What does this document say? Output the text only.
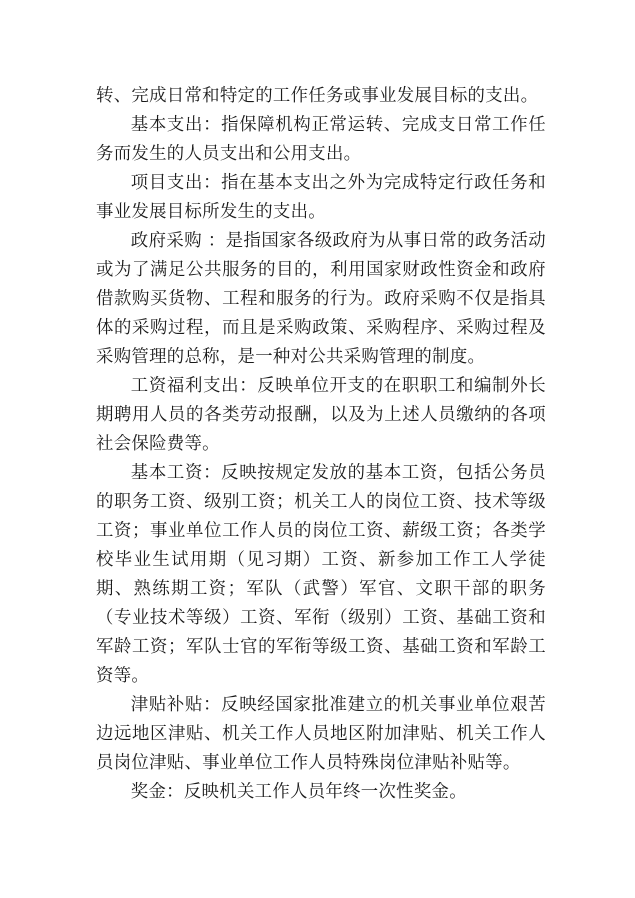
转、完成日常和特定的工作任务或事业发展目标的支出。

基本支出：指保障机构正常运转、完成支日常工作任务而发生的人员支出和公用支出。

项目支出：指在基本支出之外为完成特定行政任务和事业发展目标所发生的支出。

政府采购 ：是指国家各级政府为从事日常的政务活动或为了满足公共服务的目的，利用国家财政性资金和政府借款购买货物、工程和服务的行为。政府采购不仅是指具体的采购过程，而且是采购政策、采购程序、采购过程及采购管理的总称，是一种对公共采购管理的制度。

工资福利支出：反映单位开支的在职职工和编制外长期聘用人员的各类劳动报酬，以及为上述人员缴纳的各项社会保险费等。

基本工资：反映按规定发放的基本工资，包括公务员的职务工资、级别工资；机关工人的岗位工资、技术等级工资；事业单位工作人员的岗位工资、薪级工资；各类学校毕业生试用期（见习期）工资、新参加工作工人学徒期、熟练期工资；军队（武警）军官、文职干部的职务（专业技术等级）工资、军衔（级别）工资、基础工资和军龄工资；军队士官的军衔等级工资、基础工资和军龄工资等。

津贴补贴：反映经国家批准建立的机关事业单位艰苦边远地区津贴、机关工作人员地区附加津贴、机关工作人员岗位津贴、事业单位工作人员特殊岗位津贴补贴等。

奖金：反映机关工作人员年终一次性奖金。
